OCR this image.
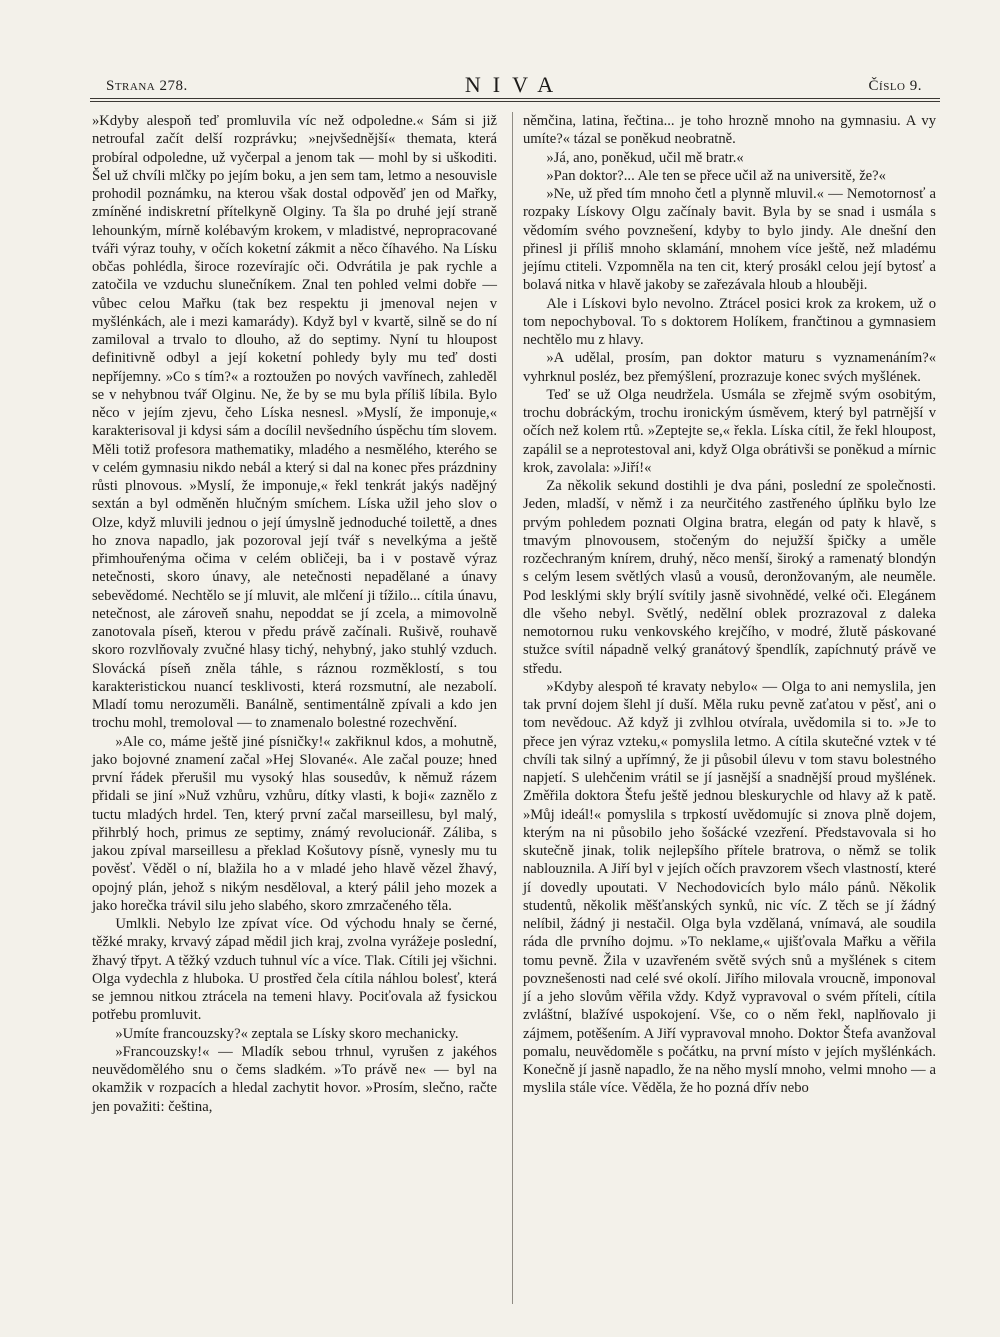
Strana 278.	NIVA	Číslo 9.

»Kdyby alespoň teď promluvila víc než odpoledne.« Sám si již netroufal začít delší rozprávku; »nejvšednější« themata, která probíral odpoledne, už vyčerpal a jenom tak — mohl by si uškoditi. Šel už chvíli mlčky po jejím boku, a jen sem tam, letmo a nesouvisle prohodil poznámku, na kterou však dostal odpověď jen od Mařky, zmíněné indiskretní přítelkyně Olginy. Ta šla po druhé její straně lehounkým, mírně kolébavým krokem, v mladistvé, nepropracované tváři výraz touhy, v očích koketní zákmit a něco číhavého. Na Lísku občas pohlédla, široce rozevírajíc oči. Odvrátila je pak rychle a zatočila ve vzduchu slunečníkem. Znal ten pohled velmi dobře — vůbec celou Mařku (tak bez respektu ji jmenoval nejen v myšlénkách, ale i mezi kamarády). Když byl v kvartě, silně se do ní zamiloval a trvalo to dlouho, až do septimy. Nyní tu hloupost definitivně odbyl a její koketní pohledy byly mu teď dosti nepříjemny. »Co s tím?« a roztoužen po nových vavřínech, zahleděl se v nehybnou tvář Olginu. Ne, že by se mu byla příliš líbila. Bylo něco v jejím zjevu, čeho Líska nesnesl. »Myslí, že imponuje,« karakterisoval ji kdysi sám a docílil nevšedního úspěchu tím slovem. Měli totiž profesora mathematiky, mladého a nesmělého, kterého se v celém gymnasiu nikdo nebál a který si dal na konec přes prázdniny růsti plnovous. »Myslí, že imponuje,« řekl tenkrát jakýs nadějný sextán a byl odměněn hlučným smíchem. Líska užil jeho slov o Olze, když mluvili jednou o její úmyslně jednoduché toilettě, a dnes ho znova napadlo, jak pozoroval její tvář s nevelkýma a ještě přimhouřenýma očima v celém obličeji, ba i v postavě výraz netečnosti, skoro únavy, ale netečnosti nepadělané a únavy sebevědomé. Nechtělo se jí mluvit, ale mlčení ji tížilo... cítila únavu, netečnost, ale zároveň snahu, nepoddat se jí zcela, a mimovolně zanotovala píseň, kterou v předu právě začínali. Rušivě, rouhavě skoro rozvlňovaly zvučné hlasy tichý, nehybný, jako stuhlý vzduch. Slovácká píseň zněla táhle, s ráznou rozměklostí, s tou karakteristickou nuancí tesklivosti, která rozsmutní, ale nezabolí. Mladí tomu nerozuměli. Banálně, sentimentálně zpívali a kdo jen trochu mohl, tremoloval — to znamenalo bolestné rozechvění.

»Ale co, máme ještě jiné písničky!« zakřiknul kdos, a mohutně, jako bojovné znamení začal »Hej Slované«. Ale začal pouze; hned první řádek přerušil mu vysoký hlas sousedův, k němuž rázem přidali se jiní »Nuž vzhůru, vzhůru, dítky vlasti, k boji« zaznělo z tuctu mladých hrdel. Ten, který první začal marseillesu, byl malý, přihrblý hoch, primus ze septimy, známý revolucionář. Záliba, s jakou zpíval marseillesu a překlad Košutovy písně, vynesly mu tu pověsť. Věděl o ní, blažila ho a v mladé jeho hlavě vězel žhavý, opojný plán, jehož s nikým nesděloval, a který pálil jeho mozek a jako horečka trávil silu jeho slabého, skoro zmrzačeného těla.

Umlkli. Nebylo lze zpívat více. Od východu hnaly se černé, těžké mraky, krvavý západ mědil jich kraj, zvolna vyrážeje poslední, žhavý třpyt. A těžký vzduch tuhnul víc a více. Tlak. Cítili jej všichni. Olga vydechla z hluboka. U prostřed čela cítila náhlou bolesť, která se jemnou nitkou ztrácela na temeni hlavy. Pociťovala až fysickou potřebu promluvit.

»Umíte francouzsky?« zeptala se Lísky skoro mechanicky.

»Francouzsky!« — Mladík sebou trhnul, vyrušen z jakéhos neuvědomělého snu o čems sladkém. »To právě ne« — byl na okamžik v rozpacích a hledal zachytit hovor. »Prosím, slečno, račte jen považiti: čeština,

němčina, latina, řečtina... je toho hrozně mnoho na gymnasiu. A vy umíte?« tázal se poněkud neobratně.

»Já, ano, poněkud, učil mě bratr.«

»Pan doktor?... Ale ten se přece učil až na universitě, že?«

»Ne, už před tím mnoho četl a plynně mluvil.« — Nemotornosť a rozpaky Lískovy Olgu začínaly bavit. Byla by se snad i usmála s vědomím svého povznešení, kdyby to bylo jindy. Ale dnešní den přinesl ji příliš mnoho sklamání, mnohem více ještě, než mladému jejímu ctiteli. Vzpomněla na ten cit, který prosákl celou její bytosť a bolavá nitka v hlavě jakoby se zařezávala hloub a hlouběji.

Ale i Lískovi bylo nevolno. Ztrácel posici krok za krokem, už o tom nepochyboval. To s doktorem Holíkem, frančtinou a gymnasiem nechtělo mu z hlavy.

»A udělal, prosím, pan doktor maturu s vyznamenáním?« vyhrknul posléz, bez přemýšlení, prozrazuje konec svých myšlének.

Teď se už Olga neudržela. Usmála se zřejmě svým osobitým, trochu dobráckým, trochu ironickým úsměvem, který byl patrnější v očích než kolem rtů. »Zeptejte se,« řekla. Líska cítil, že řekl hloupost, zapálil se a neprotestoval ani, když Olga obrátivši se poněkud a mírnic krok, zavolala: »Jiří!«

Za několik sekund dostihli je dva páni, poslední ze společnosti. Jeden, mladší, v němž i za neurčitého zastřeného úplňku bylo lze prvým pohledem poznati Olgina bratra, elegán od paty k hlavě, s tmavým plnovousem, stočeným do nejužší špičky a uměle rozčechraným knírem, druhý, něco menší, široký a ramenatý blondýn s celým lesem světlých vlasů a vousů, deronžovaným, ale neuměle. Pod lesklými skly brýlí svítily jasně sivohnědé, velké oči. Elegánem dle všeho nebyl. Světlý, nedělní oblek prozrazoval z daleka nemotornou ruku venkovského krejčího, v modré, žlutě páskované stužce svítil nápadně velký granátový špendlík, zapíchnutý právě ve středu.

»Kdyby alespoň té kravaty nebylo« — Olga to ani nemyslila, jen tak první dojem šlehl jí duší. Měla ruku pevně zaťatou v pěsť, ani o tom nevědouc. Až když ji zvlhlou otvírala, uvědomila si to. »Je to přece jen výraz vzteku,« pomyslila letmo. A cítila skutečné vztek v té chvíli tak silný a upřímný, že ji působil úlevu v tom stavu bolestného napjetí. S ulehčenim vrátil se jí jasnější a snadnější proud myšlének. Změřila doktora Štefu ještě jednou bleskurychle od hlavy až k patě. »Můj ideál!« pomyslila s trpkostí uvědomujíc si znova plně dojem, kterým na ni působilo jeho šošácké vzezření. Představovala si ho skutečně jinak, tolik nejlepšího přítele bratrova, o němž se tolik nablouznila. A Jiří byl v jejích očích pravzorem všech vlastností, které jí dovedly upoutati. V Nechodovicích bylo málo pánů. Několik studentů, několik měšťanských synků, nic víc. Z těch se jí žádný nelíbil, žádný ji nestačil. Olga byla vzdělaná, vnímavá, ale soudila ráda dle prvního dojmu. »To neklame,« ujišťovala Mařku a věřila tomu pevně. Žila v uzavřeném světě svých snů a myšlének s citem povznešenosti nad celé své okolí. Jiřího milovala vroucně, imponoval jí a jeho slovům věřila vždy. Když vypravoval o svém příteli, cítila zvláštní, blažívé uspokojení. Vše, co o něm řekl, naplňovalo ji zájmem, potěšením. A Jiří vypravoval mnoho. Doktor Štefa avanžoval pomalu, neuvědoměle s počátku, na první místo v jejích myšlénkách. Konečně jí jasně napadlo, že na něho myslí mnoho, velmi mnoho — a myslila stále více. Věděla, že ho pozná dřív nebo
